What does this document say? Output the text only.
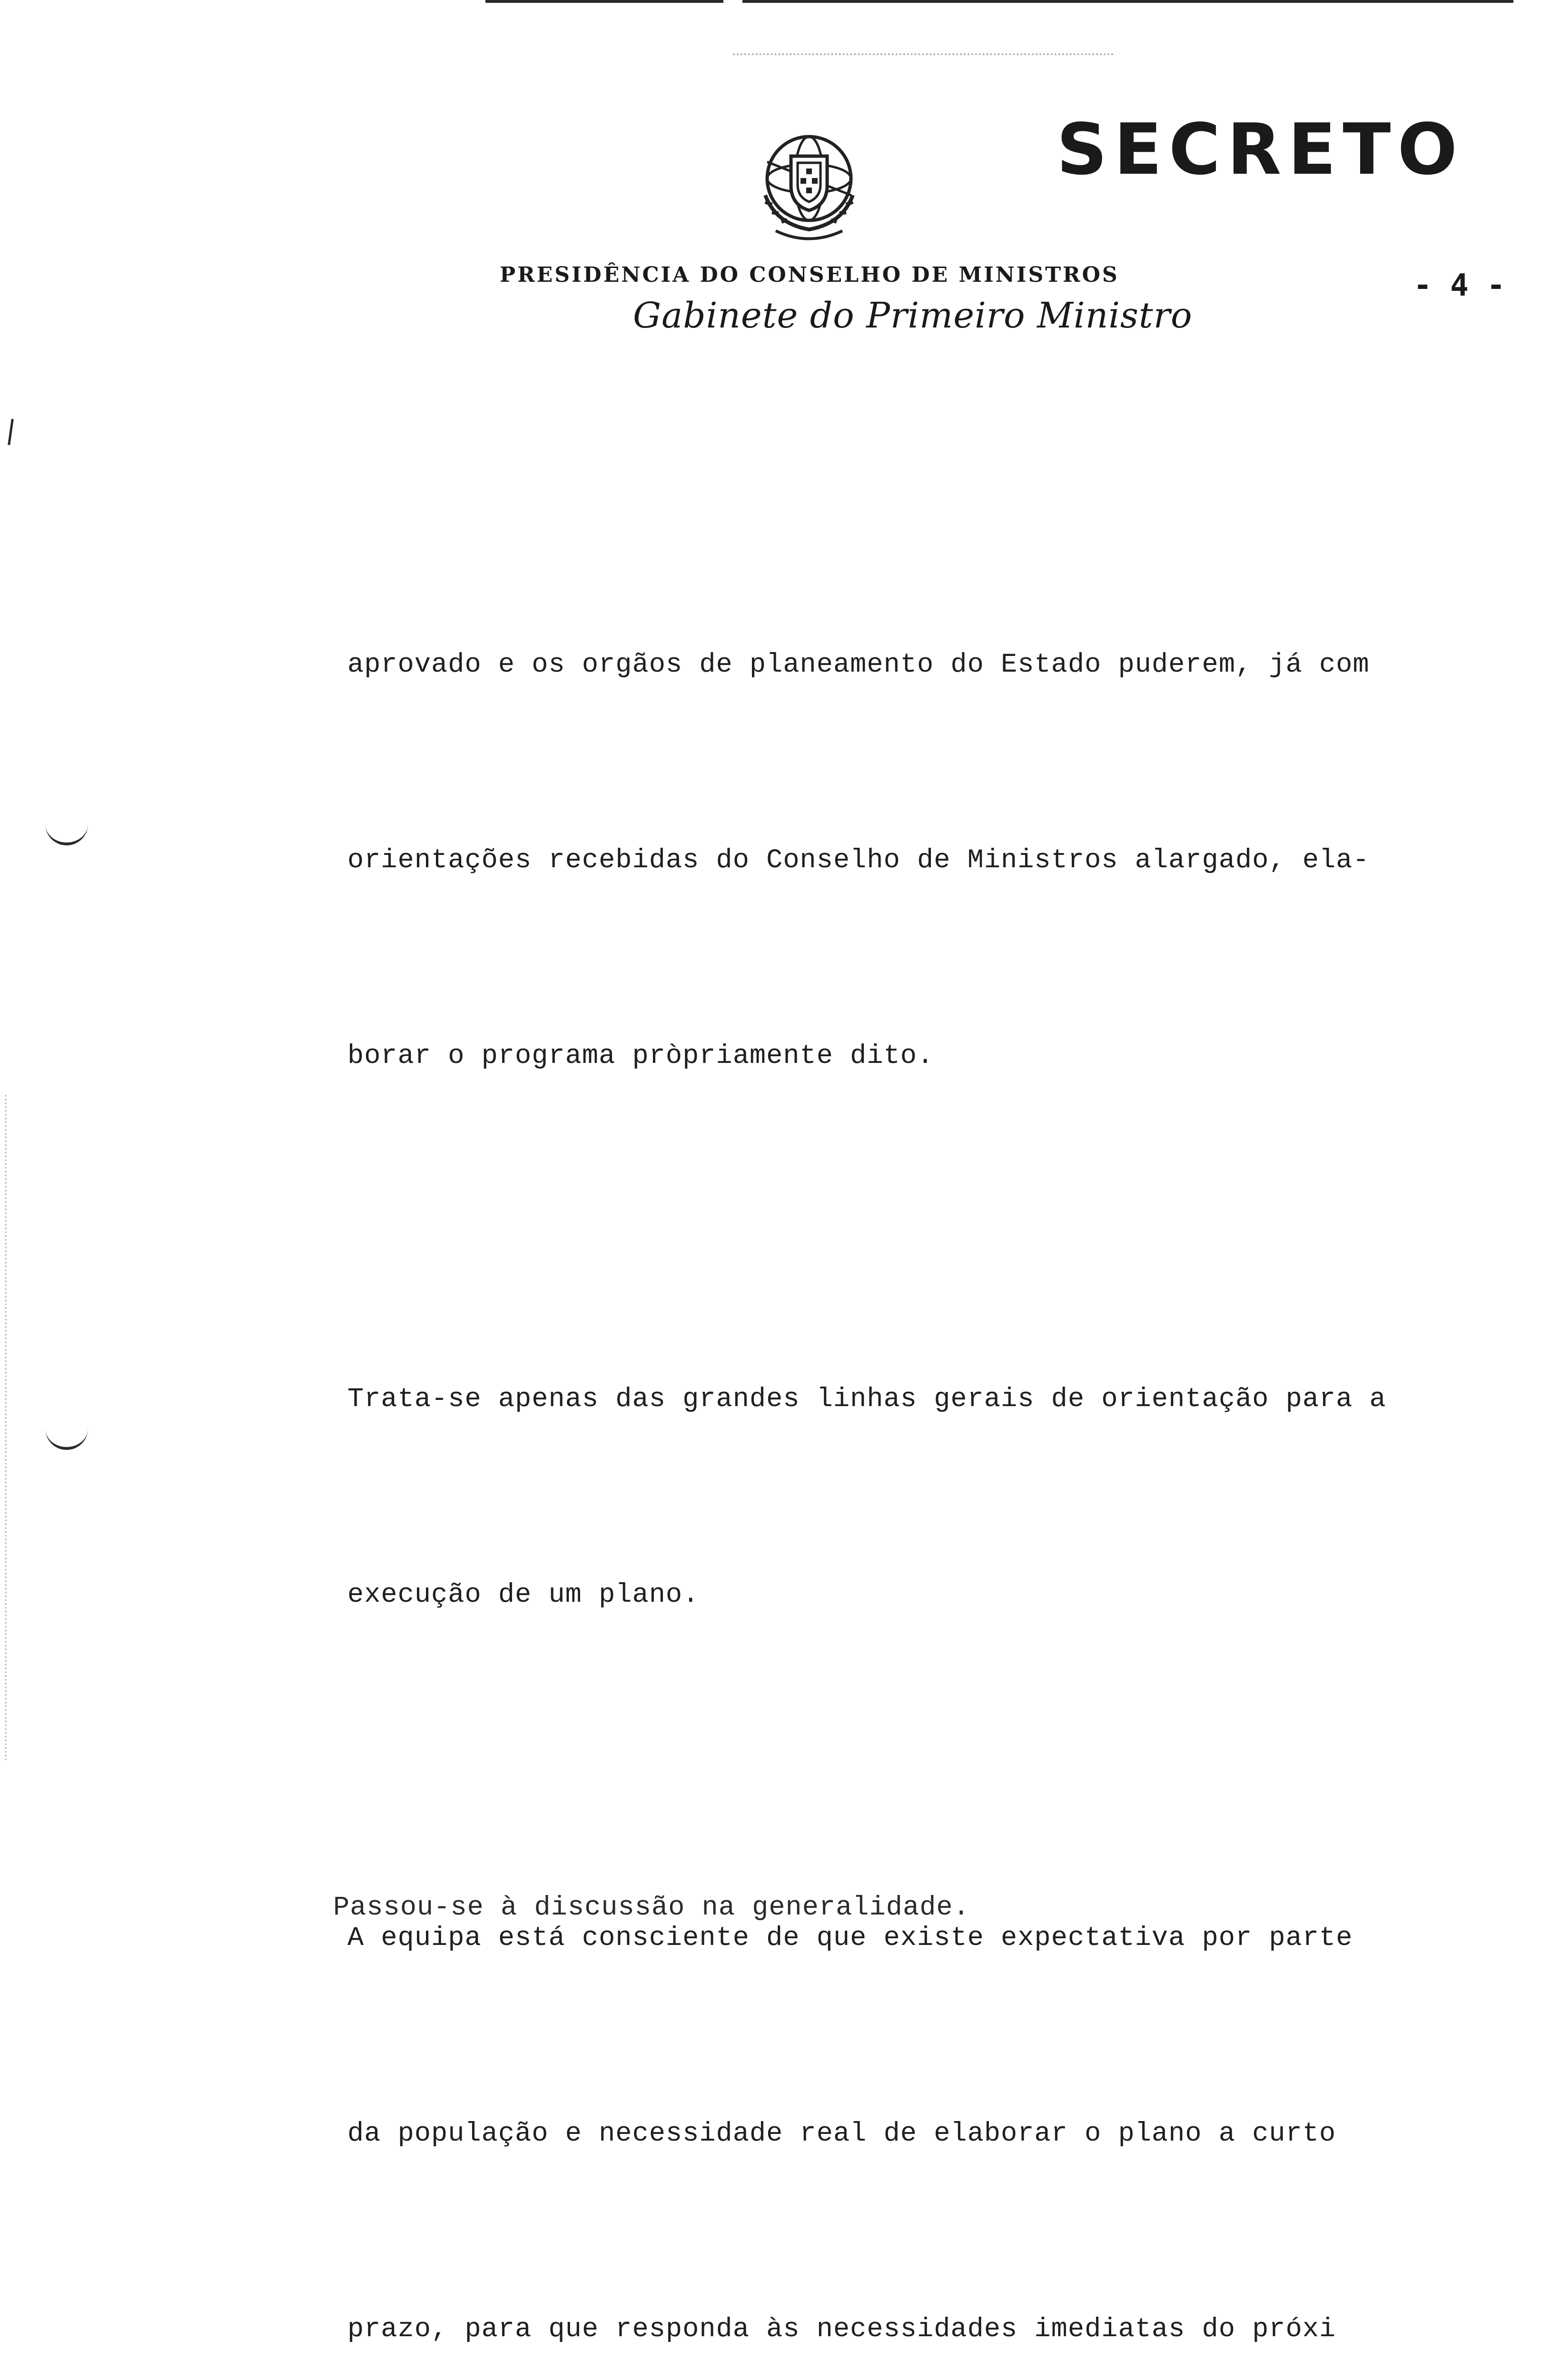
SECRETO

PRESIDÊNCIA DO CONSELHO DE MINISTROS

Gabinete do Primeiro Ministro

- 4 -

aprovado e os orgãos de planeamento do Estado puderem, já com

orientações recebidas do Conselho de Ministros alargado, ela-

borar o programa pròpriamente dito.

Trata-se apenas das grandes linhas gerais de orientação para a

execução de um plano.

A equipa está consciente de que existe expectativa por parte

da população e necessidade real de elaborar o plano a curto

prazo, para que responda às necessidades imediatas do próxi

Passou-se à discussão na generalidade.
